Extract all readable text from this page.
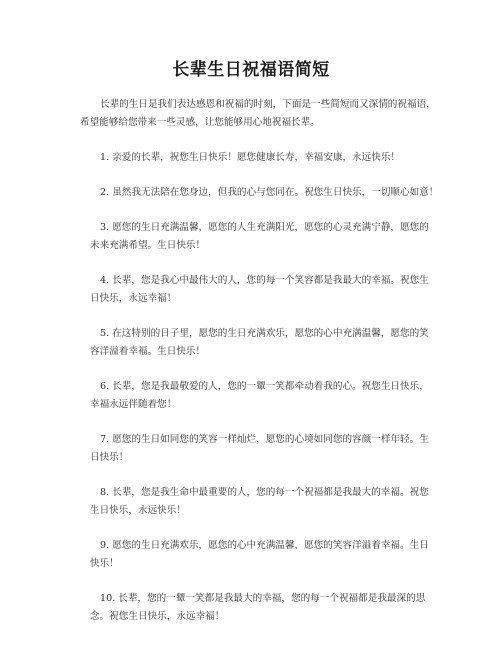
长辈生日祝福语简短
长辈的生日是我们表达感恩和祝福的时刻，下面是一些简短而又深情的祝福语，
希望能够给您带来一些灵感，让您能够用心地祝福长辈。
1. 亲爱的长辈，祝您生日快乐！愿您健康长寿，幸福安康，永远快乐！
2. 虽然我无法陪在您身边，但我的心与您同在。祝您生日快乐，一切顺心如意！
3. 愿您的生日充满温馨，愿您的人生充满阳光，愿您的心灵充满宁静，愿您的
未来充满希望。生日快乐！
4. 长辈，您是我心中最伟大的人，您的每一个笑容都是我最大的幸福。祝您生
日快乐，永远幸福！
5. 在这特别的日子里，愿您的生日充满欢乐，愿您的心中充满温馨，愿您的笑
容洋溢着幸福。生日快乐！
6. 长辈，您是我最敬爱的人，您的一颦一笑都牵动着我的心。祝您生日快乐，
幸福永远伴随着您！
7. 愿您的生日如同您的笑容一样灿烂，愿您的心境如同您的容颜一样年轻。生
日快乐！
8. 长辈，您是我生命中最重要的人，您的每一个祝福都是我最大的幸福。祝您
生日快乐，永远快乐！
9. 愿您的生日充满欢乐，愿您的心中充满温馨，愿您的笑容洋溢着幸福。生日
快乐！
10. 长辈，您的一颦一笑都是我最大的幸福，您的每一个祝福都是我最深的思
念。祝您生日快乐，永远幸福！
